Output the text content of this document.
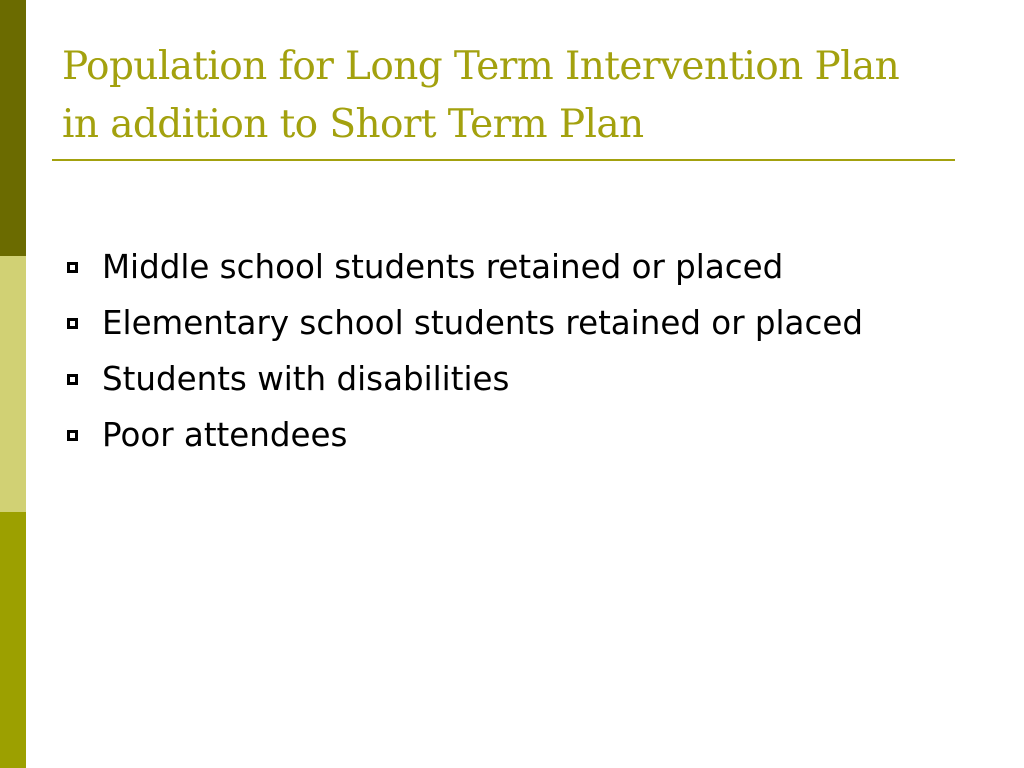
Population for Long Term Intervention Plan
in addition to Short Term Plan
Middle school students retained or placed
Elementary school students retained or placed
Students with disabilities
Poor attendees
